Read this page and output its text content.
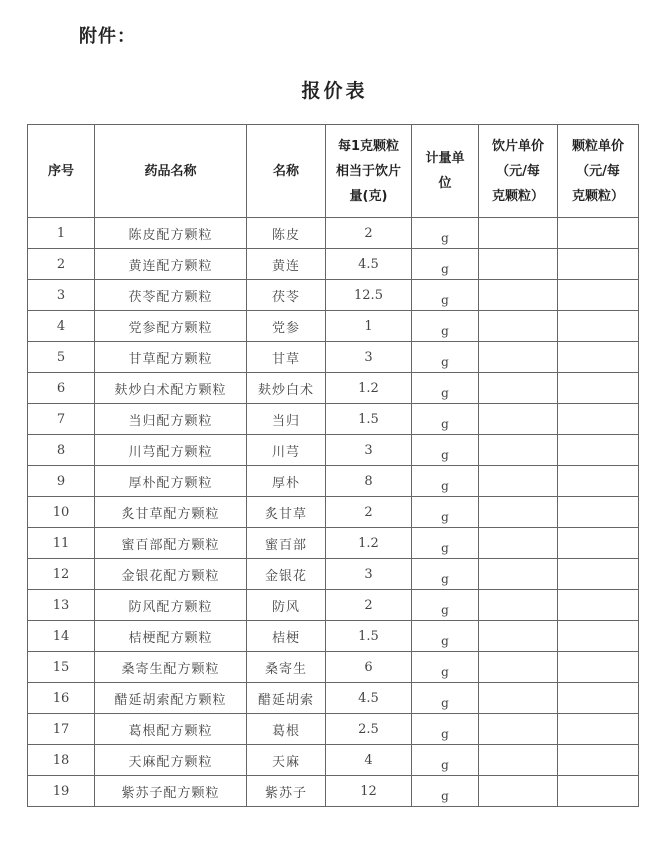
附件：
报价表
序号	药品名称	名称	每1克颗粒
相当于饮片
量(克)	计量单
位	饮片单价
（元/每
克颗粒）	颗粒单价
（元/每
克颗粒）

1	陈皮配方颗粒	陈皮	2	g		
2	黄连配方颗粒	黄连	4.5	g		
3	茯苓配方颗粒	茯苓	12.5	g		
4	党参配方颗粒	党参	1	g		
5	甘草配方颗粒	甘草	3	g		
6	麸炒白术配方颗粒	麸炒白术	1.2	g		
7	当归配方颗粒	当归	1.5	g		
8	川芎配方颗粒	川芎	3	g		
9	厚朴配方颗粒	厚朴	8	g		
10	炙甘草配方颗粒	炙甘草	2	g		
11	蜜百部配方颗粒	蜜百部	1.2	g		
12	金银花配方颗粒	金银花	3	g		
13	防风配方颗粒	防风	2	g		
14	桔梗配方颗粒	桔梗	1.5	g		
15	桑寄生配方颗粒	桑寄生	6	g		
16	醋延胡索配方颗粒	醋延胡索	4.5	g		
17	葛根配方颗粒	葛根	2.5	g		
18	天麻配方颗粒	天麻	4	g		
19	紫苏子配方颗粒	紫苏子	12	g		
